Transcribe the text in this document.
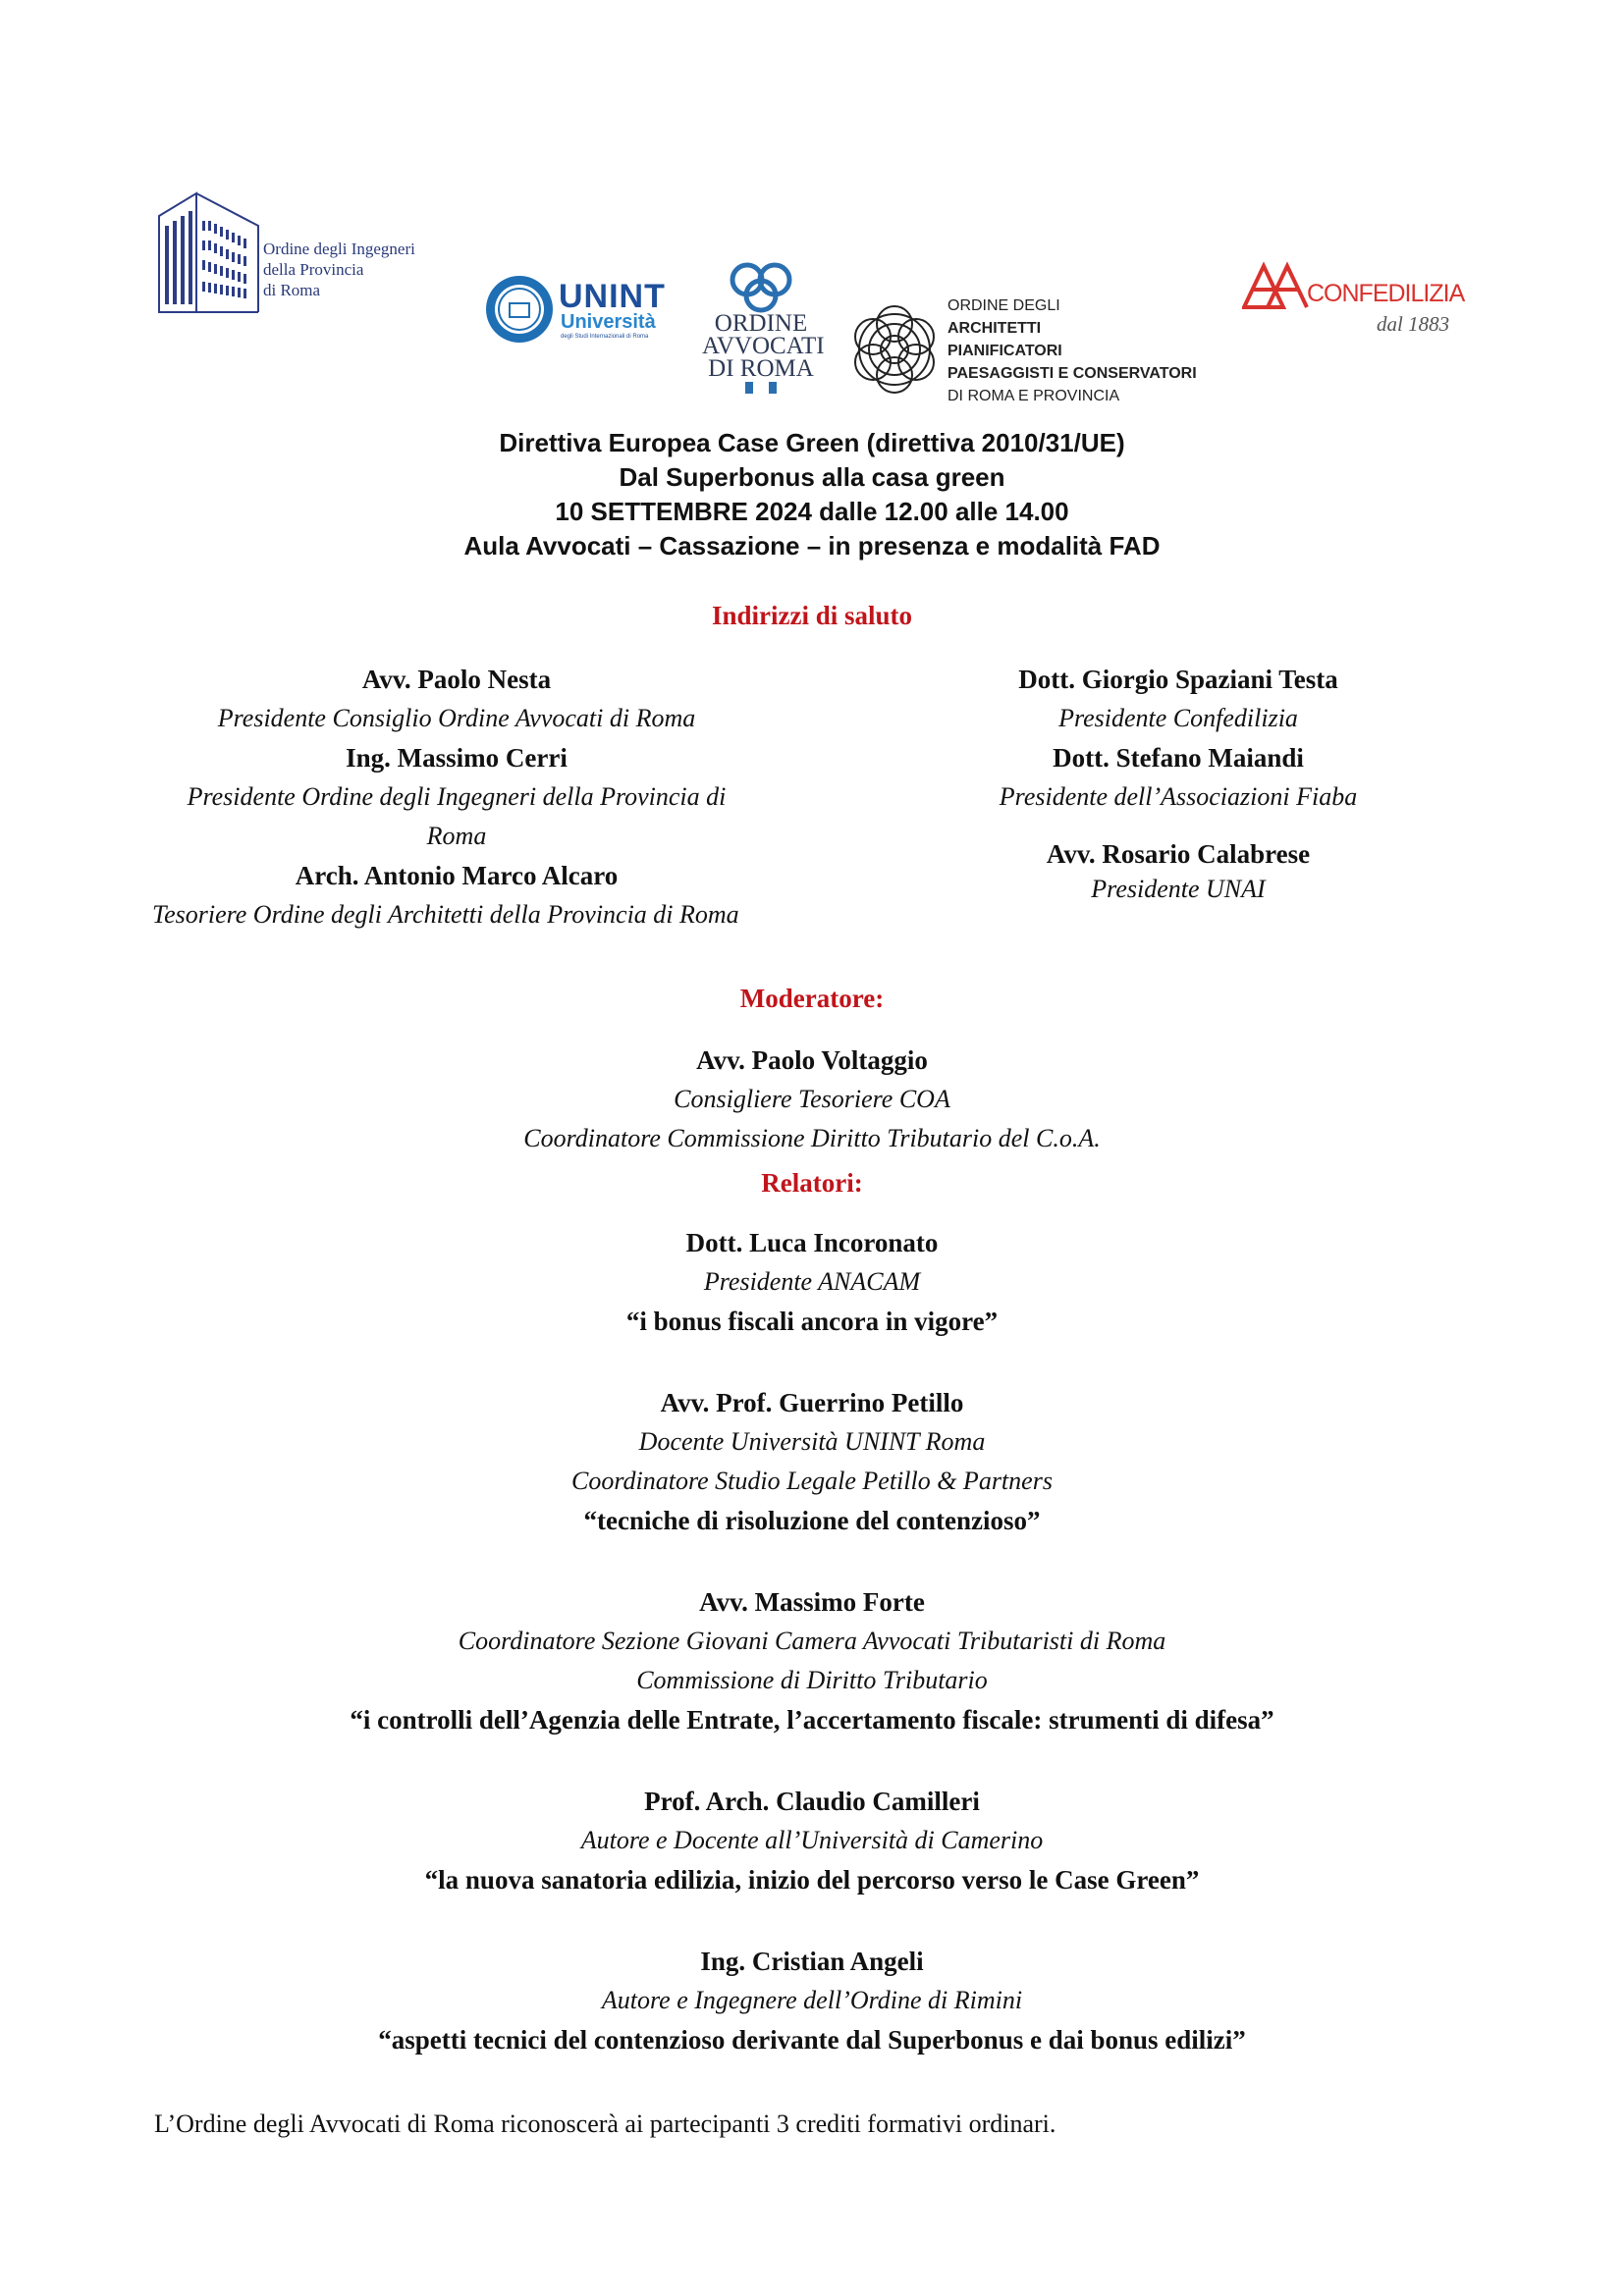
Ordine degli Ingegneri
della Provincia
di Roma	UNINT
Università
degli Studi Internazionali di Roma	ORDINE
AVVOCATI
DI ROMA
ORDINE DEGLI
ARCHITETTI
PIANIFICATORI
PAESAGGISTI E CONSERVATORI
DI ROMA E PROVINCIA
CONFEDILIZIA
dal 1883
Direttiva Europea Case Green (direttiva 2010/31/UE)
Dal Superbonus alla casa green
10 SETTEMBRE 2024 dalle 12.00 alle 14.00
Aula Avvocati – Cassazione – in presenza e modalità FAD
Indirizzi di saluto
Avv. Paolo Nesta
Presidente Consiglio Ordine Avvocati di Roma
Ing. Massimo Cerri
Presidente Ordine degli Ingegneri della Provincia di Roma
Arch. Antonio Marco Alcaro
Tesoriere Ordine degli Architetti della Provincia di Roma
Dott. Giorgio Spaziani Testa
Presidente Confedilizia
Dott. Stefano Maiandi
Presidente dell’Associazioni Fiaba
Avv. Rosario Calabrese
Presidente UNAI
Moderatore:
Avv. Paolo Voltaggio
Consigliere Tesoriere COA
Coordinatore Commissione Diritto Tributario del C.o.A.
Relatori:
Dott. Luca Incoronato
Presidente ANACAM
“i bonus fiscali ancora in vigore”
Avv. Prof. Guerrino Petillo
Docente Università UNINT Roma
Coordinatore Studio Legale Petillo & Partners
“tecniche di risoluzione del contenzioso”
Avv. Massimo Forte
Coordinatore Sezione Giovani Camera Avvocati Tributaristi di Roma
Commissione di Diritto Tributario
“i controlli dell’Agenzia delle Entrate, l’accertamento fiscale: strumenti di difesa”
Prof. Arch. Claudio Camilleri
Autore e Docente all’Università di Camerino
“la nuova sanatoria edilizia, inizio del percorso verso le Case Green”
Ing. Cristian Angeli
Autore e Ingegnere dell’Ordine di Rimini
“aspetti tecnici del contenzioso derivante dal Superbonus e dai bonus edilizi”
L’Ordine degli Avvocati di Roma riconoscerà ai partecipanti 3 crediti formativi ordinari.
